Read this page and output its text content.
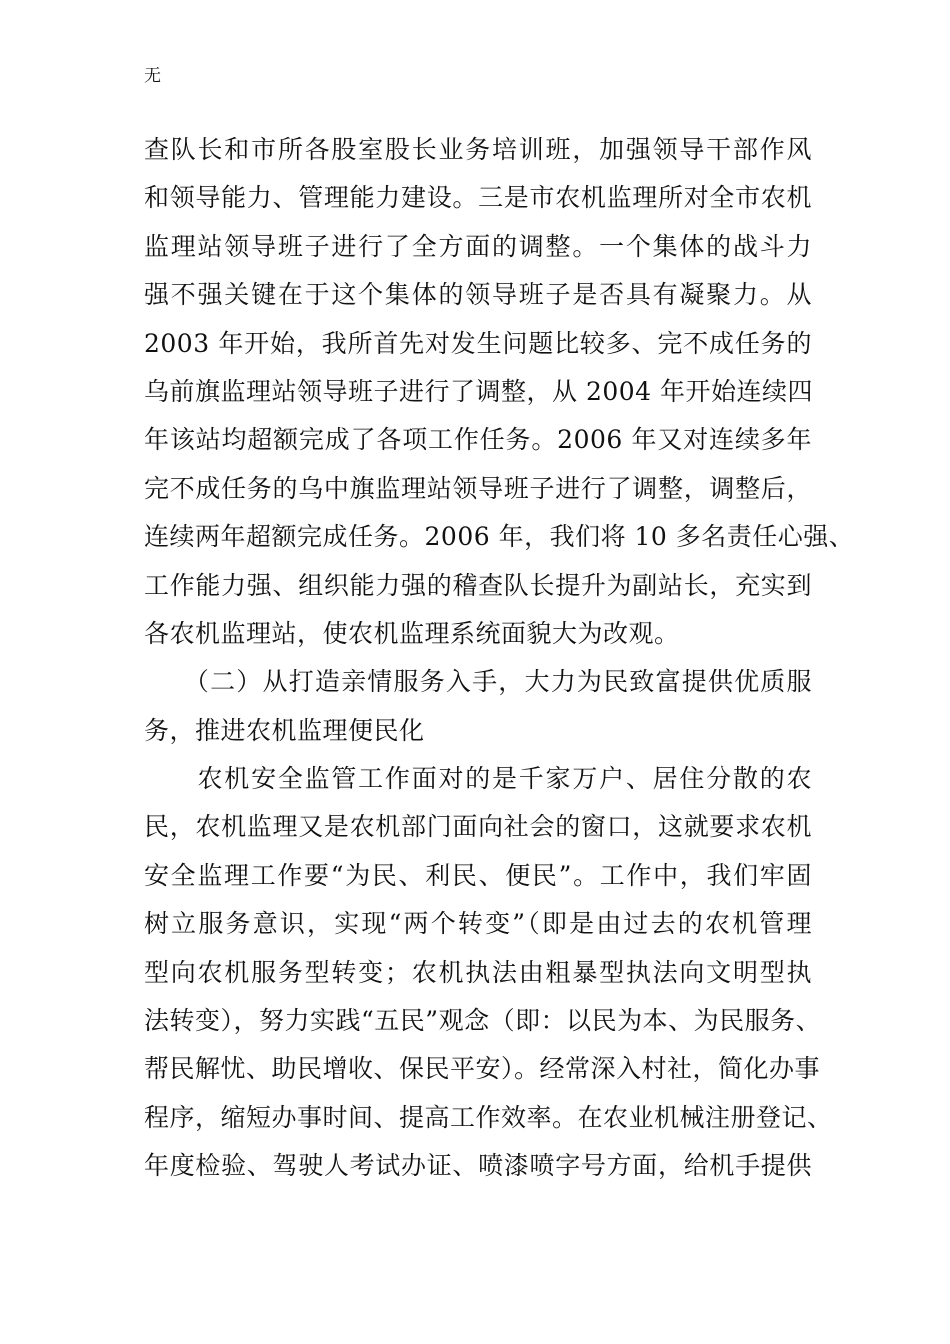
无
查队长和市所各股室股长业务培训班，加强领导干部作风
和领导能力、管理能力建设。三是市农机监理所对全市农机
监理站领导班子进行了全方面的调整。一个集体的战斗力
强不强关键在于这个集体的领导班子是否具有凝聚力。从
2003 年开始，我所首先对发生问题比较多、完不成任务的
乌前旗监理站领导班子进行了调整，从 2004 年开始连续四
年该站均超额完成了各项工作任务。2006 年又对连续多年
完不成任务的乌中旗监理站领导班子进行了调整，调整后，
连续两年超额完成任务。2006 年，我们将 10 多名责任心强、
工作能力强、组织能力强的稽查队长提升为副站长，充实到
各农机监理站，使农机监理系统面貌大为改观。
　　（二）从打造亲情服务入手，大力为民致富提供优质服
务，推进农机监理便民化
　　农机安全监管工作面对的是千家万户、居住分散的农
民，农机监理又是农机部门面向社会的窗口，这就要求农机
安全监理工作要“为民、利民、便民”。工作中，我们牢固
树立服务意识，实现“两个转变”（即是由过去的农机管理
型向农机服务型转变；农机执法由粗暴型执法向文明型执
法转变），努力实践“五民”观念（即：以民为本、为民服务、
帮民解忧、助民增收、保民平安）。经常深入村社，简化办事
程序，缩短办事时间、提高工作效率。在农业机械注册登记、
年度检验、驾驶人考试办证、喷漆喷字号方面，给机手提供
